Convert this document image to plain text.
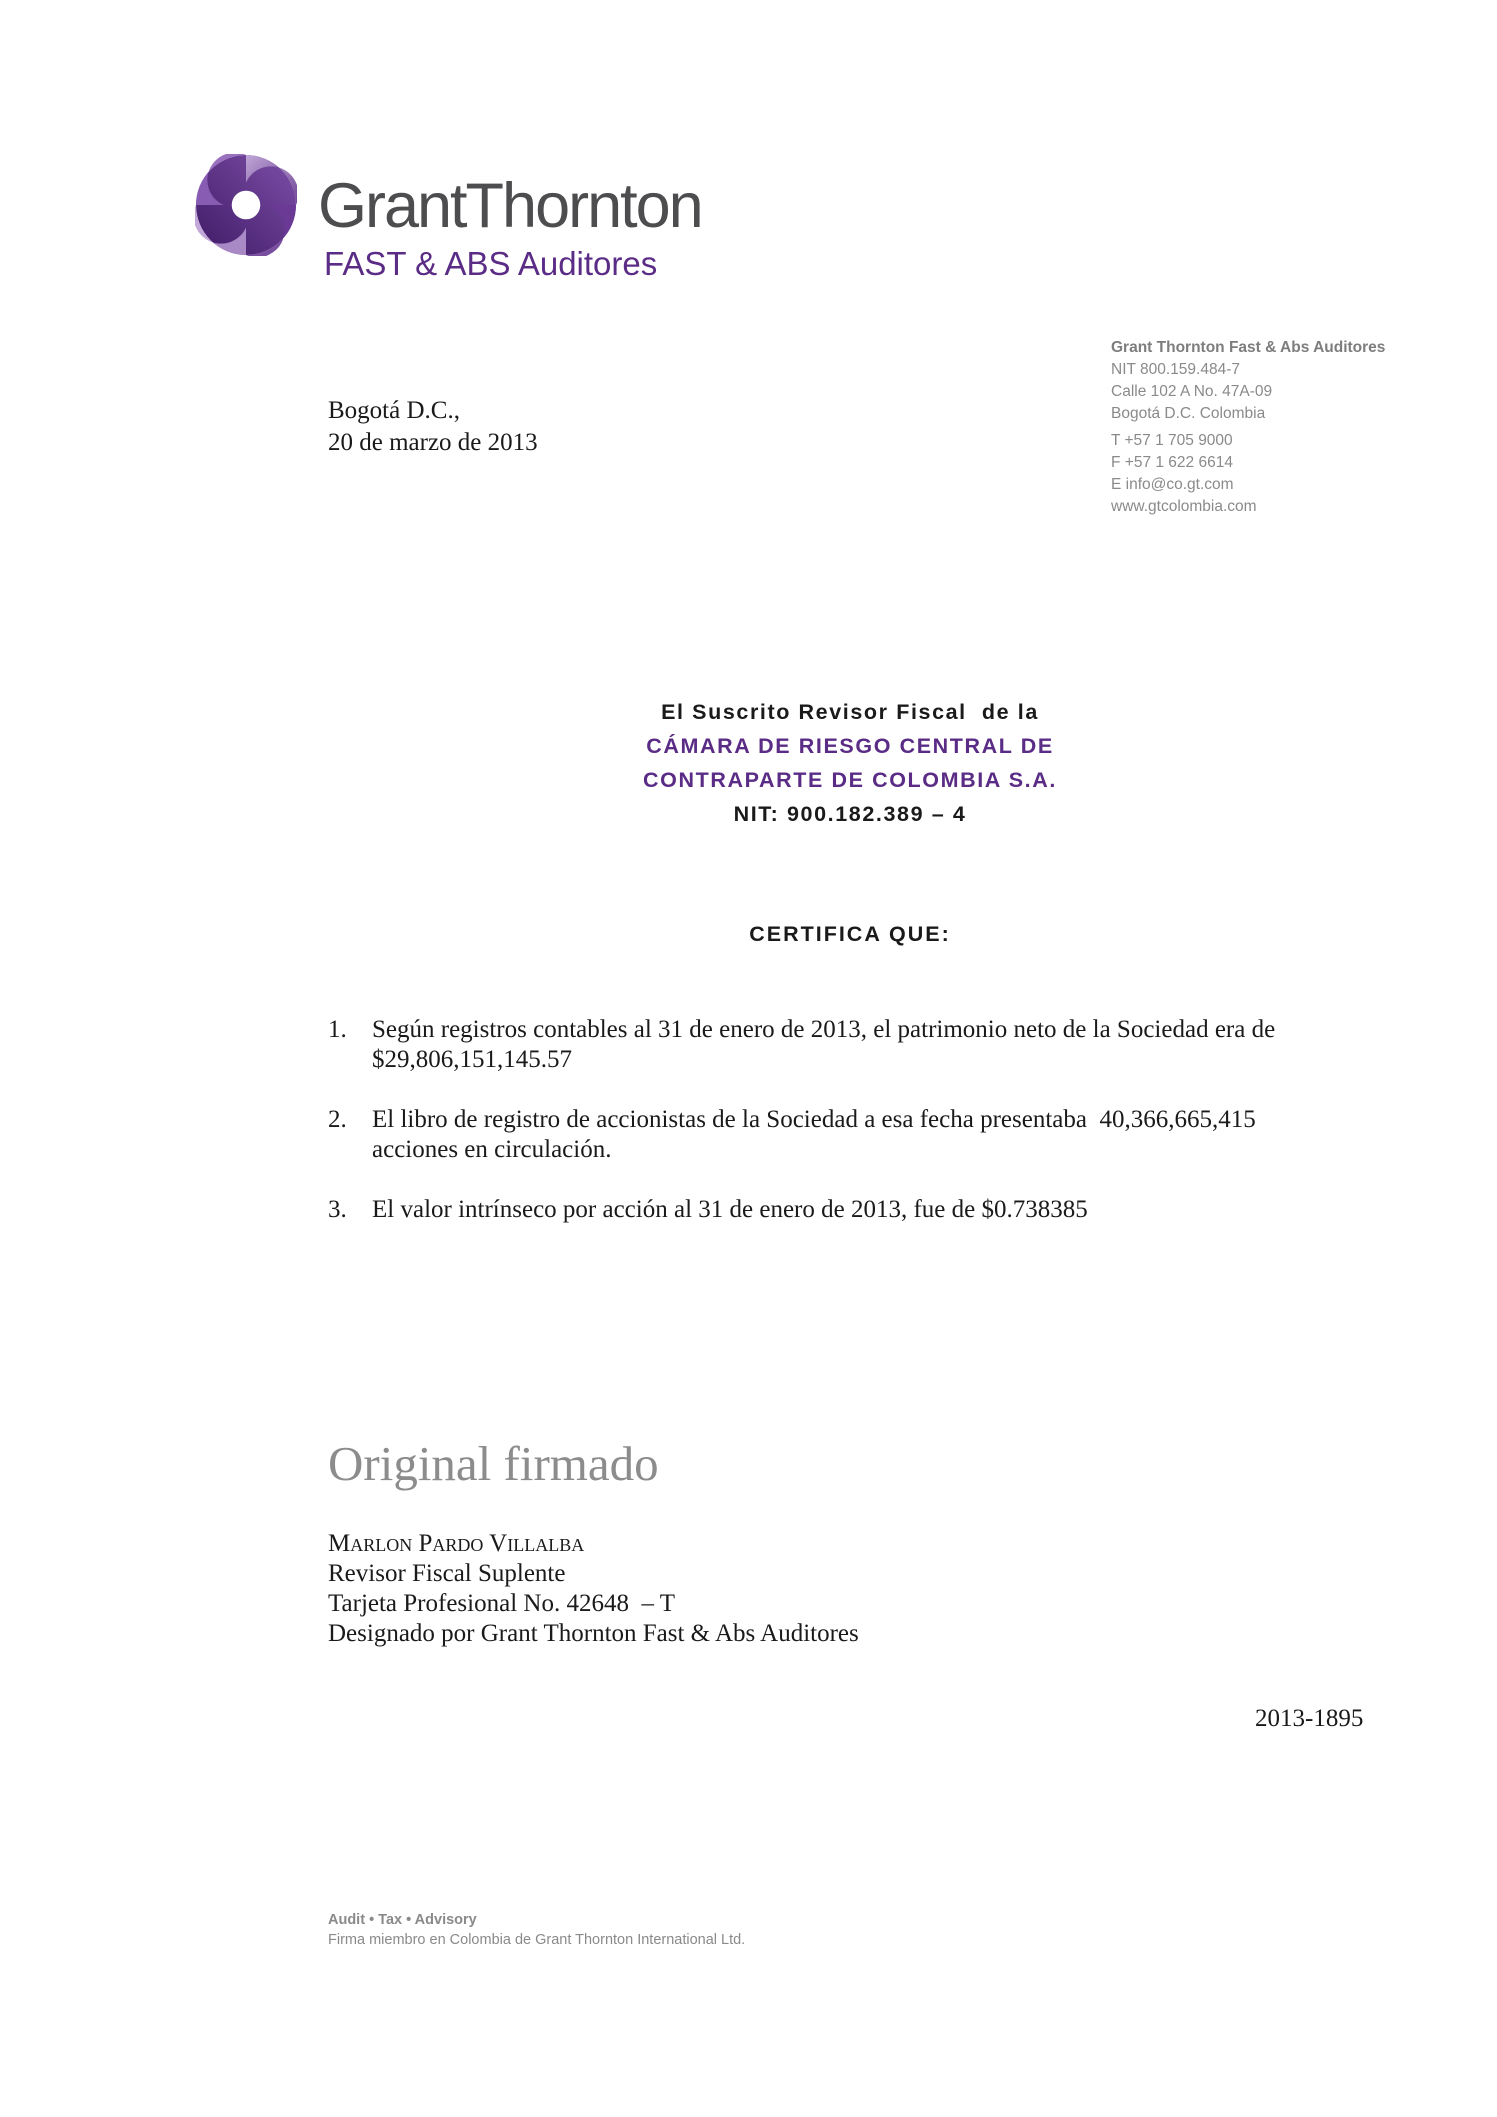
GrantThornton
FAST & ABS Auditores
Grant Thornton Fast & Abs Auditores
NIT 800.159.484-7
Calle 102 A No. 47A-09
Bogotá D.C. Colombia
T +57 1 705 9000
F +57 1 622 6614
E info@co.gt.com
www.gtcolombia.com
Bogotá D.C.,
20 de marzo de 2013
El Suscrito Revisor Fiscal  de la
CÁMARA DE RIESGO CENTRAL DE
CONTRAPARTE DE COLOMBIA S.A.
NIT: 900.182.389 – 4
CERTIFICA QUE:
1. Según registros contables al 31 de enero de 2013, el patrimonio neto de la Sociedad era de $29,806,151,145.57
2. El libro de registro de accionistas de la Sociedad a esa fecha presentaba  40,366,665,415 acciones en circulación.
3. El valor intrínseco por acción al 31 de enero de 2013, fue de $0.738385
Original firmado
Marlon Pardo Villalba
Revisor Fiscal Suplente
Tarjeta Profesional No. 42648  – T
Designado por Grant Thornton Fast & Abs Auditores
2013-1895
Audit • Tax • Advisory
Firma miembro en Colombia de Grant Thornton International Ltd.
